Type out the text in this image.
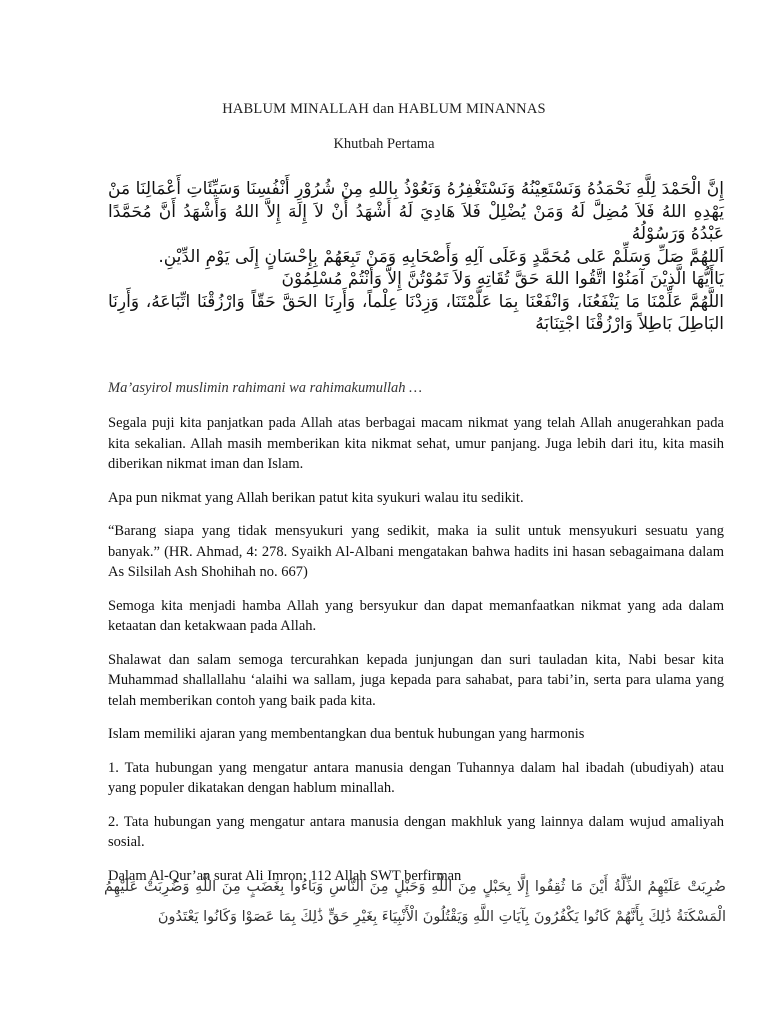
HABLUM MINALLAH dan HABLUM MINANNAS
Khutbah Pertama

إِنَّ الْحَمْدَ لِلَّهِ نَحْمَدُهُ وَنَسْتَعِيْنُهُ وَنَسْتَغْفِرُهُ وَنَعُوْذُ بِاللهِ مِنْ شُرُوْرِ أَنْفُسِنَا وَسَيِّئَاتِ أَعْمَالِنَا مَنْ يَهْدِهِ اللهُ فَلاَ مُضِلَّ لَهُ وَمَنْ يُضْلِلْ فَلاَ هَادِيَ لَهُ أَشْهَدُ أَنْ لاَ إِلَهَ إِلاَّ اللهُ وَأَشْهَدُ أَنَّ مُحَمَّدًا عَبْدُهُ وَرَسُوْلُهُ

اَللهُمَّ صَلِّ وَسَلِّمْ عَلى مُحَمَّدٍ وَعَلَى آلِهِ وَأَصْحَابِهِ وَمَنْ تَبِعَهُمْ بِإِحْسَانٍ إِلَى يَوْمِ الدِّيْنِ.

يَاأَيُّهَا الَّذِيْنَ آمَنُوْا اتَّقُوا اللهَ حَقَّ تُقَاتِهِ وَلاَ تَمُوْتُنَّ إِلاَّ وَأَنْتُمْ مُسْلِمُوْنَ

اللَّهُمَّ عَلِّمْنَا مَا يَنْفَعُنَا، وَانْفَعْنَا بِمَا عَلَّمْتَنَا، وَزِدْنَا عِلْماً، وَأَرِنَا الحَقَّ حَقّاً وَارْزُقْنَا اتِّبَاعَهُ، وَأَرِنَا البَاطِلَ بَاطِلاً وَارْزُقْنَا اجْتِنَابَهُ

Ma’asyirol muslimin rahimani wa rahimakumullah …

Segala puji kita panjatkan pada Allah atas berbagai macam nikmat yang telah Allah anugerahkan pada kita sekalian. Allah masih memberikan kita nikmat sehat, umur panjang. Juga lebih dari itu, kita masih diberikan nikmat iman dan Islam.

Apa pun nikmat yang Allah berikan patut kita syukuri walau itu sedikit.

“Barang siapa yang tidak mensyukuri yang sedikit, maka ia sulit untuk mensyukuri sesuatu yang banyak.” (HR. Ahmad, 4: 278. Syaikh Al-Albani mengatakan bahwa hadits ini hasan sebagaimana dalam As Silsilah Ash Shohihah no. 667)

Semoga kita menjadi hamba Allah yang bersyukur dan dapat memanfaatkan nikmat yang ada dalam ketaatan dan ketakwaan pada Allah.

Shalawat dan salam semoga tercurahkan kepada junjungan dan suri tauladan kita, Nabi besar kita Muhammad shallallahu ‘alaihi wa sallam, juga kepada para sahabat, para tabi’in, serta para ulama yang telah memberikan contoh yang baik pada kita.

Islam memiliki ajaran yang membentangkan dua bentuk hubungan yang harmonis

1. Tata hubungan yang mengatur antara manusia dengan Tuhannya dalam hal ibadah (ubudiyah) atau yang populer dikatakan dengan hablum minallah.

2. Tata hubungan yang mengatur antara manusia dengan makhluk yang lainnya dalam wujud amaliyah sosial.

Dalam Al-Qur’an surat Ali Imron: 112 Allah SWT berfirman

ضُرِبَتْ عَلَيْهِمُ الذِّلَّةُ أَيْنَ مَا ثُقِفُوا إِلَّا بِحَبْلٍ مِنَ اللَّهِ وَحَبْلٍ مِنَ النَّاسِ وَبَاءُوا بِغَضَبٍ مِنَ اللَّهِ وَضُرِبَتْ عَلَيْهِمُ الْمَسْكَنَةُ ذَٰلِكَ بِأَنَّهُمْ كَانُوا يَكْفُرُونَ بِآيَاتِ اللَّهِ وَيَقْتُلُونَ الْأَنْبِيَاءَ بِغَيْرِ حَقٍّ ذَٰلِكَ بِمَا عَصَوْا وَكَانُوا يَعْتَدُونَ
